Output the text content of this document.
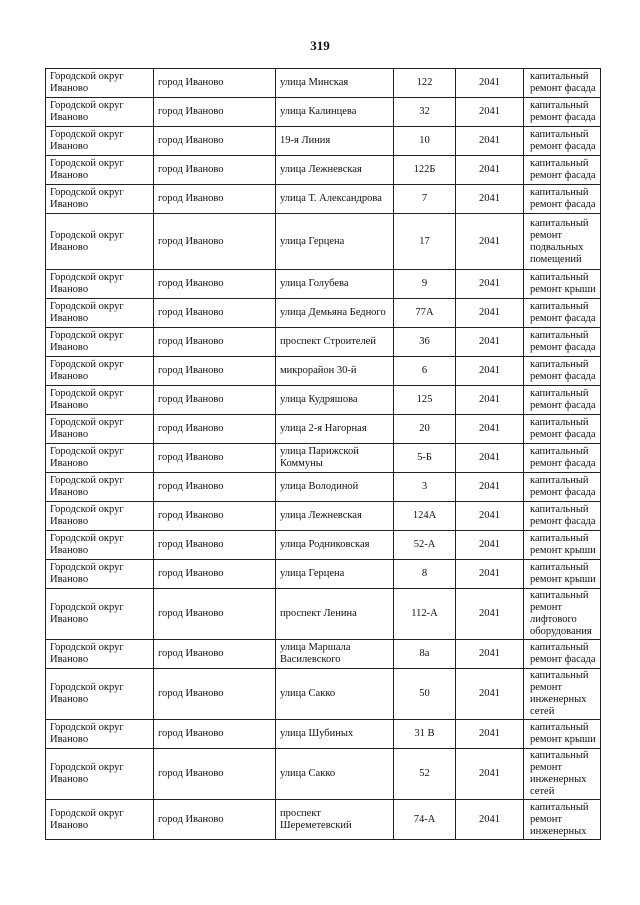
319
Городской округ Иваново	город Иваново	улица Минская	122	2041	капитальный ремонт фасада
Городской округ Иваново	город Иваново	улица Калинцева	32	2041	капитальный ремонт фасада
Городской округ Иваново	город Иваново	19-я Линия	10	2041	капитальный ремонт фасада
Городской округ Иваново	город Иваново	улица Лежневская	122Б	2041	капитальный ремонт фасада
Городской округ Иваново	город Иваново	улица Т. Александрова	7	2041	капитальный ремонт фасада
Городской округ Иваново	город Иваново	улица Герцена	17	2041	капитальный ремонт подвальных помещений
Городской округ Иваново	город Иваново	улица Голубева	9	2041	капитальный ремонт крыши
Городской округ Иваново	город Иваново	улица Демьяна Бедного	77А	2041	капитальный ремонт фасада
Городской округ Иваново	город Иваново	проспект Строителей	36	2041	капитальный ремонт фасада
Городской округ Иваново	город Иваново	микрорайон 30-й	6	2041	капитальный ремонт фасада
Городской округ Иваново	город Иваново	улица Кудряшова	125	2041	капитальный ремонт фасада
Городской округ Иваново	город Иваново	улица 2-я Нагорная	20	2041	капитальный ремонт фасада
Городской округ Иваново	город Иваново	улица Парижской Коммуны	5-Б	2041	капитальный ремонт фасада
Городской округ Иваново	город Иваново	улица Володиной	3	2041	капитальный ремонт фасада
Городской округ Иваново	город Иваново	улица Лежневская	124А	2041	капитальный ремонт фасада
Городской округ Иваново	город Иваново	улица Родниковская	52-А	2041	капитальный ремонт крыши
Городской округ Иваново	город Иваново	улица Герцена	8	2041	капитальный ремонт крыши
Городской округ Иваново	город Иваново	проспект Ленина	112-А	2041	капитальный ремонт лифтового оборудования
Городской округ Иваново	город Иваново	улица Маршала Василевского	8а	2041	капитальный ремонт фасада
Городской округ Иваново	город Иваново	улица Сакко	50	2041	капитальный ремонт инженерных сетей
Городской округ Иваново	город Иваново	улица Шубиных	31 В	2041	капитальный ремонт крыши
Городской округ Иваново	город Иваново	улица Сакко	52	2041	капитальный ремонт инженерных сетей
Городской округ Иваново	город Иваново	проспект Шереметевский	74-А	2041	капитальный ремонт инженерных
